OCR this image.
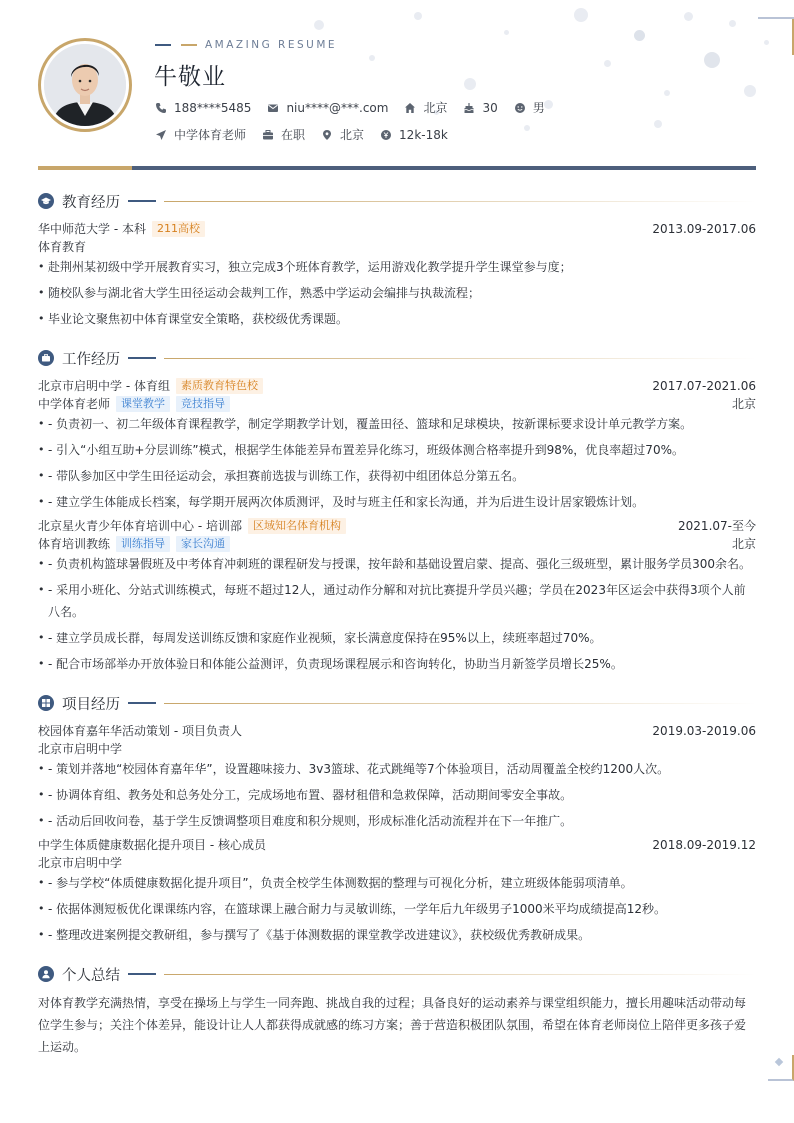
AMAZING RESUME
牛敬业
188****5485	niu****@***.com	北京	30	男
中学体育老师	在职	北京	12k-18k
教育经历
华中师范大学 - 本科	211高校	2013.09-2017.06
体育教育
• 赴荆州某初级中学开展教育实习，独立完成3个班体育教学，运用游戏化教学提升学生课堂参与度；
• 随校队参与湖北省大学生田径运动会裁判工作，熟悉中学运动会编排与执裁流程；
• 毕业论文聚焦初中体育课堂安全策略，获校级优秀课题。
工作经历
北京市启明中学 - 体育组	素质教育特色校	2017.07-2021.06
中学体育老师	课堂教学	竞技指导	北京
• - 负责初一、初二年级体育课程教学，制定学期教学计划，覆盖田径、篮球和足球模块，按新课标要求设计单元教学方案。
• - 引入“小组互助+分层训练”模式，根据学生体能差异布置差异化练习，班级体测合格率提升到98%，优良率超过70%。
• - 带队参加区中学生田径运动会，承担赛前选拔与训练工作，获得初中组团体总分第五名。
• - 建立学生体能成长档案，每学期开展两次体质测评，及时与班主任和家长沟通，并为后进生设计居家锻炼计划。
北京星火青少年体育培训中心 - 培训部	区域知名体育机构	2021.07-至今
体育培训教练	训练指导	家长沟通	北京
• - 负责机构篮球暑假班及中考体育冲刺班的课程研发与授课，按年龄和基础设置启蒙、提高、强化三级班型，累计服务学员300余名。
• - 采用小班化、分站式训练模式，每班不超过12人，通过动作分解和对抗比赛提升学员兴趣；学员在2023年区运会中获得3项个人前八名。
• - 建立学员成长群，每周发送训练反馈和家庭作业视频，家长满意度保持在95%以上，续班率超过70%。
• - 配合市场部举办开放体验日和体能公益测评，负责现场课程展示和咨询转化，协助当月新签学员增长25%。
项目经历
校园体育嘉年华活动策划 - 项目负责人	2019.03-2019.06
北京市启明中学
• - 策划并落地“校园体育嘉年华”，设置趣味接力、3v3篮球、花式跳绳等7个体验项目，活动周覆盖全校约1200人次。
• - 协调体育组、教务处和总务处分工，完成场地布置、器材租借和急救保障，活动期间零安全事故。
• - 活动后回收问卷，基于学生反馈调整项目难度和积分规则，形成标准化活动流程并在下一年推广。
中学生体质健康数据化提升项目 - 核心成员	2018.09-2019.12
北京市启明中学
• - 参与学校“体质健康数据化提升项目”，负责全校学生体测数据的整理与可视化分析，建立班级体能弱项清单。
• - 依据体测短板优化课课练内容，在篮球课上融合耐力与灵敏训练，一学年后九年级男子1000米平均成绩提高12秒。
• - 整理改进案例提交教研组，参与撰写了《基于体测数据的课堂教学改进建议》，获校级优秀教研成果。
个人总结
对体育教学充满热情，享受在操场上与学生一同奔跑、挑战自我的过程；具备良好的运动素养与课堂组织能力，擅长用趣味活动带动每位学生参与；关注个体差异，能设计让人人都获得成就感的练习方案；善于营造积极团队氛围，希望在体育老师岗位上陪伴更多孩子爱上运动。
